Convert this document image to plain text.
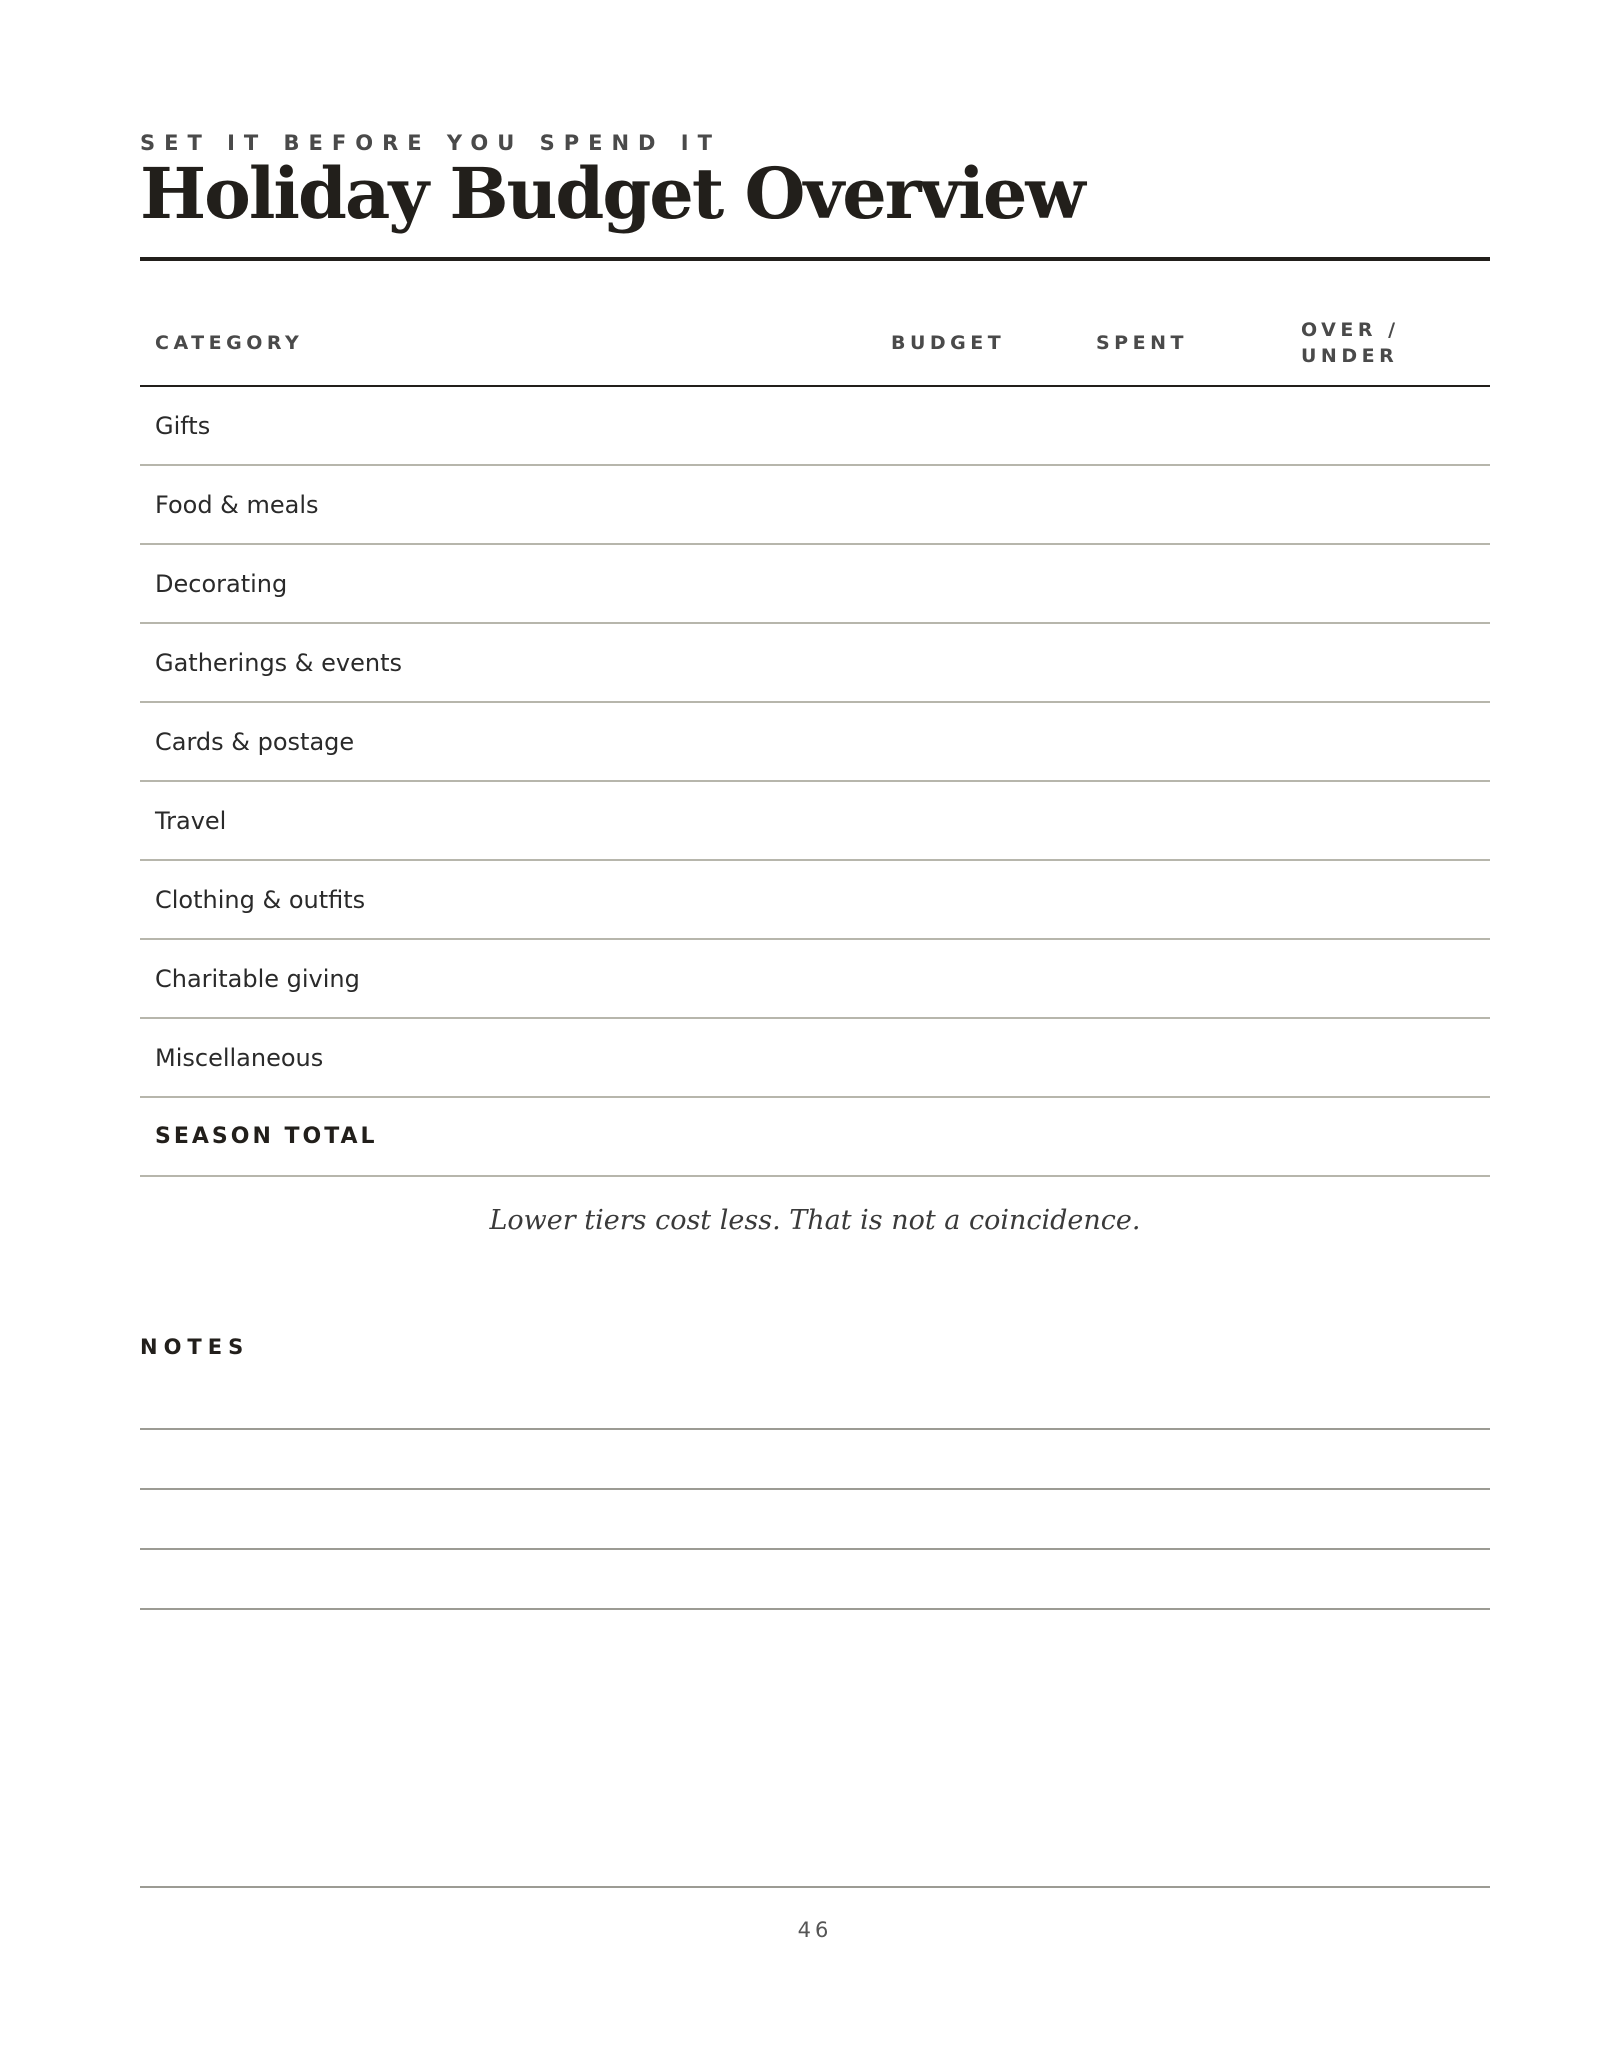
SET IT BEFORE YOU SPEND IT
Holiday Budget Overview
CATEGORY	BUDGET	SPENT
OVER / UNDER
Gifts
Food & meals
Decorating
Gatherings & events
Cards & postage
Travel
Clothing & outfits
Charitable giving
Miscellaneous
SEASON TOTAL
Lower tiers cost less. That is not a coincidence.
NOTES
46
